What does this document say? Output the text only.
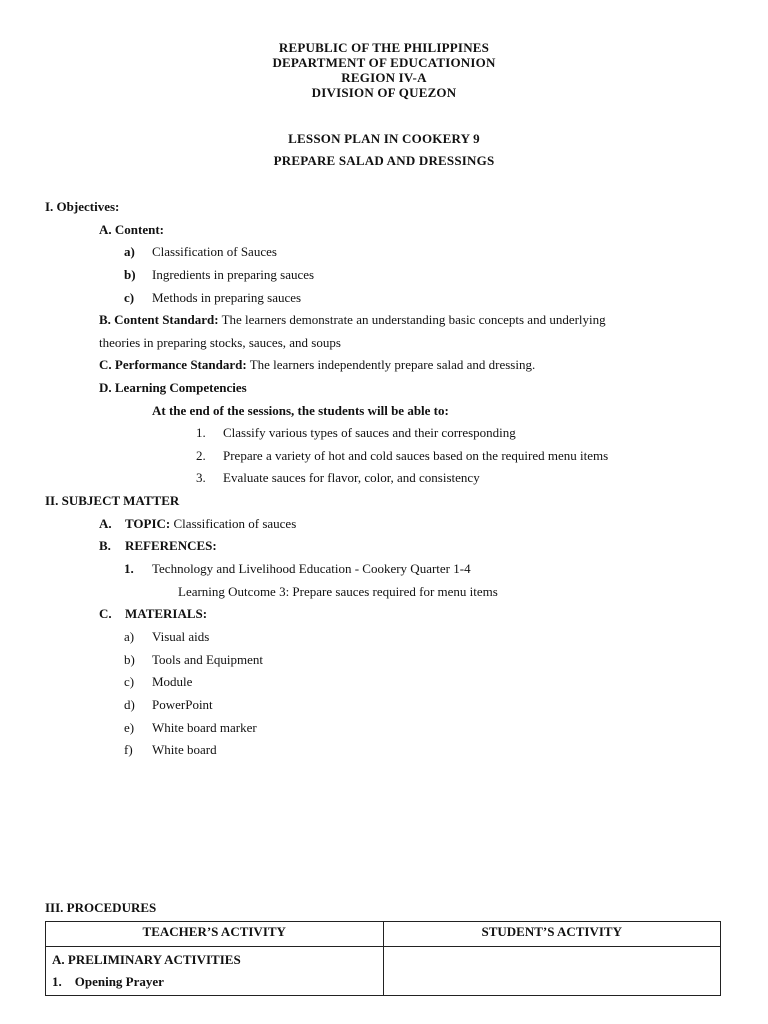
REPUBLIC OF THE PHILIPPINES
DEPARTMENT OF EDUCATIONION
REGION IV-A
DIVISION OF QUEZON
LESSON PLAN IN COOKERY 9
PREPARE SALAD AND DRESSINGS
I. Objectives:
A. Content:
a) Classification of Sauces
b) Ingredients in preparing sauces
c) Methods in preparing sauces
B. Content Standard: The learners demonstrate an understanding basic concepts and underlying
theories in preparing stocks, sauces, and soups
C. Performance Standard: The learners independently prepare salad and dressing.
D. Learning Competencies
At the end of the sessions, the students will be able to:
1. Classify various types of sauces and their corresponding
2. Prepare a variety of hot and cold sauces based on the required menu items
3. Evaluate sauces for flavor, color, and consistency
II. SUBJECT MATTER
A. TOPIC: Classification of sauces
B. REFERENCES:
1. Technology and Livelihood Education - Cookery Quarter 1-4
Learning Outcome 3: Prepare sauces required for menu items
C. MATERIALS:
a) Visual aids
b) Tools and Equipment
c) Module
d) PowerPoint
e) White board marker
f) White board
III. PROCEDURES
TEACHER’S ACTIVITY	STUDENT’S ACTIVITY

A. PRELIMINARY ACTIVITIES
1.    Opening Prayer	
